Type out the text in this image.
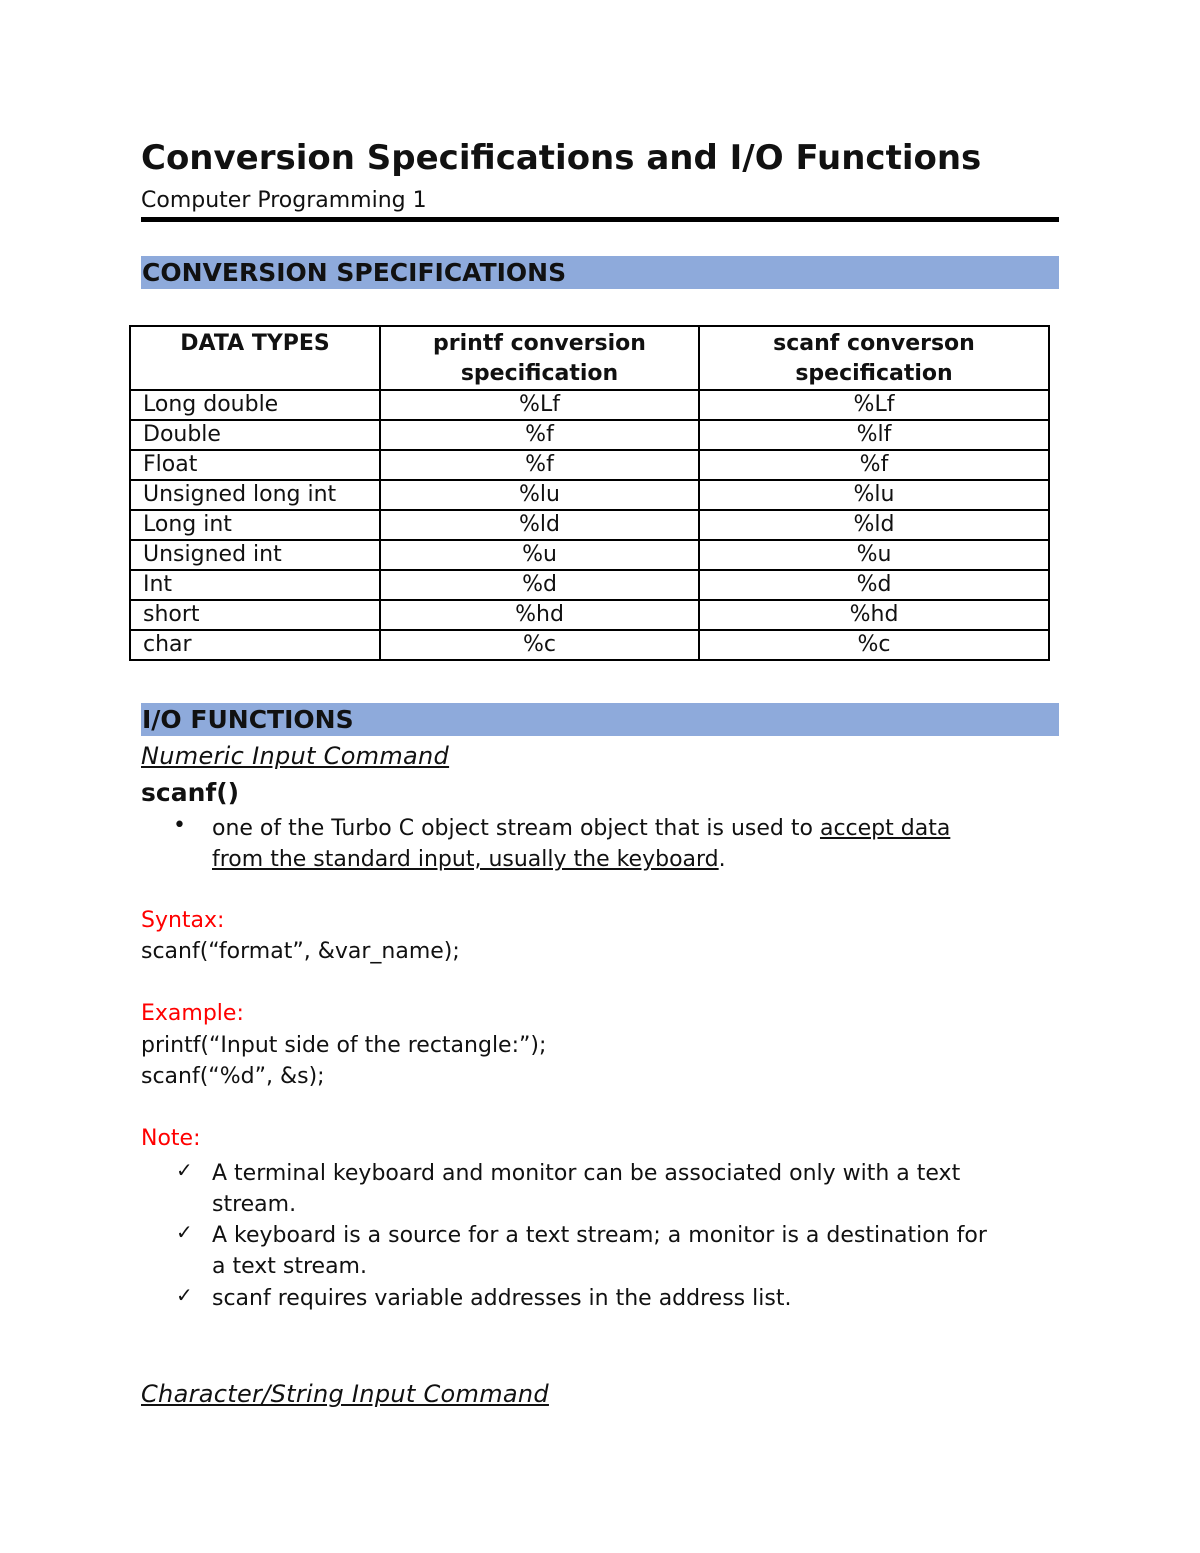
Conversion Specifications and I/O Functions
Computer Programming 1
CONVERSION SPECIFICATIONS
DATA TYPES	printf conversion specification	scanf converson specification
Long double	%Lf	%Lf
Double	%f	%lf
Float	%f	%f
Unsigned long int	%lu	%lu
Long int	%ld	%ld
Unsigned int	%u	%u
Int	%d	%d
short	%hd	%hd
char	%c	%c
I/O FUNCTIONS
Numeric Input Command
scanf()
•	one of the Turbo C object stream object that is used to accept data
from the standard input, usually the keyboard.
Syntax:
scanf(“format”, &var_name);
Example:
printf(“Input side of the rectangle:”);
scanf(“%d”, &s);
Note:
✓ A terminal keyboard and monitor can be associated only with a text
stream.
✓ A keyboard is a source for a text stream; a monitor is a destination for
a text stream.
✓ scanf requires variable addresses in the address list.
Character/String Input Command
